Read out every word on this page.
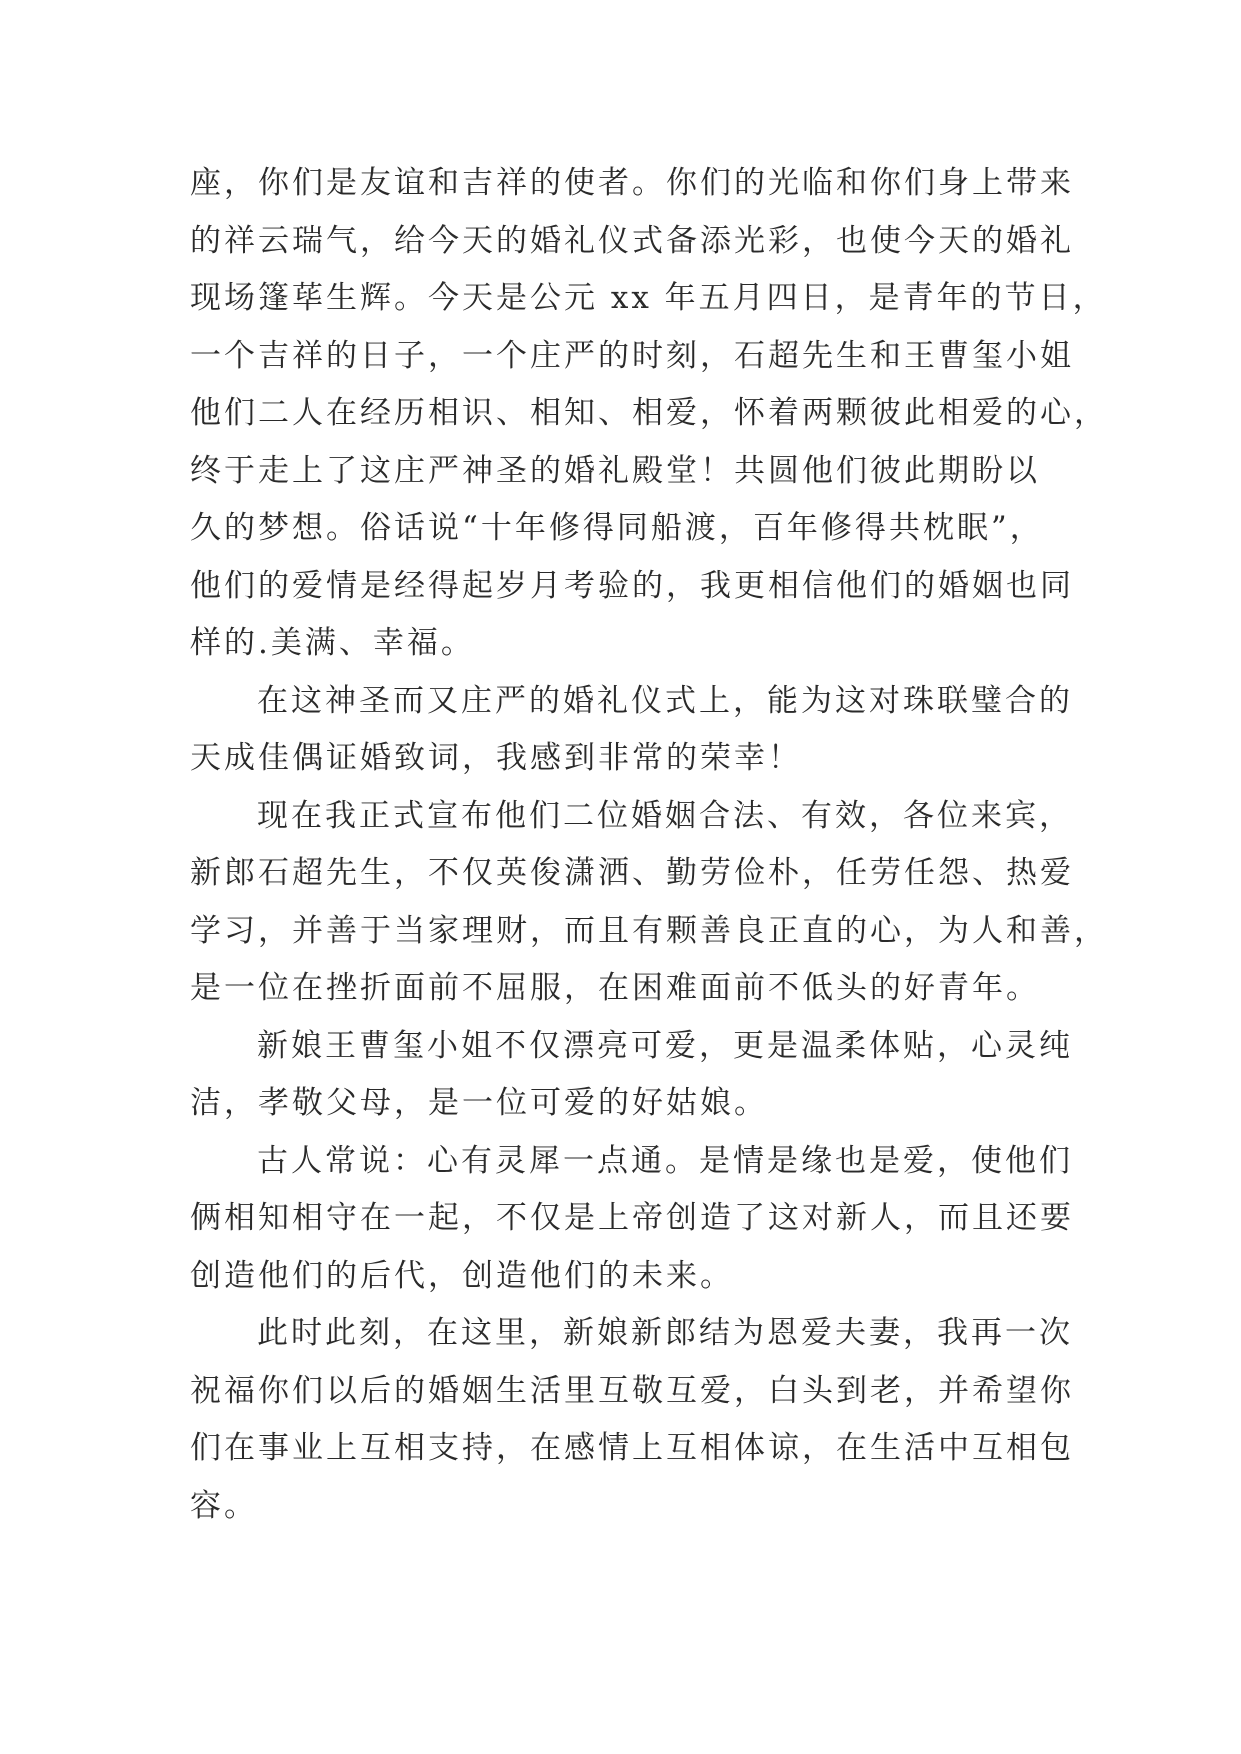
座，你们是友谊和吉祥的使者。你们的光临和你们身上带来
的祥云瑞气，给今天的婚礼仪式备添光彩，也使今天的婚礼
现场篷荜生辉。今天是公元 xx 年五月四日，是青年的节日，
一个吉祥的日子，一个庄严的时刻，石超先生和王曹玺小姐
他们二人在经历相识、相知、相爱，怀着两颗彼此相爱的心，
终于走上了这庄严神圣的婚礼殿堂！共圆他们彼此期盼以
久的梦想。俗话说“十年修得同船渡，百年修得共枕眠”，
他们的爱情是经得起岁月考验的，我更相信他们的婚姻也同
样的.美满、幸福。
在这神圣而又庄严的婚礼仪式上，能为这对珠联璧合的
天成佳偶证婚致词，我感到非常的荣幸！
现在我正式宣布他们二位婚姻合法、有效，各位来宾，
新郎石超先生，不仅英俊潇洒、勤劳俭朴，任劳任怨、热爱
学习，并善于当家理财，而且有颗善良正直的心，为人和善，
是一位在挫折面前不屈服，在困难面前不低头的好青年。
新娘王曹玺小姐不仅漂亮可爱，更是温柔体贴，心灵纯
洁，孝敬父母，是一位可爱的好姑娘。
古人常说：心有灵犀一点通。是情是缘也是爱，使他们
俩相知相守在一起，不仅是上帝创造了这对新人，而且还要
创造他们的后代，创造他们的未来。
此时此刻，在这里，新娘新郎结为恩爱夫妻，我再一次
祝福你们以后的婚姻生活里互敬互爱，白头到老，并希望你
们在事业上互相支持，在感情上互相体谅，在生活中互相包
容。
